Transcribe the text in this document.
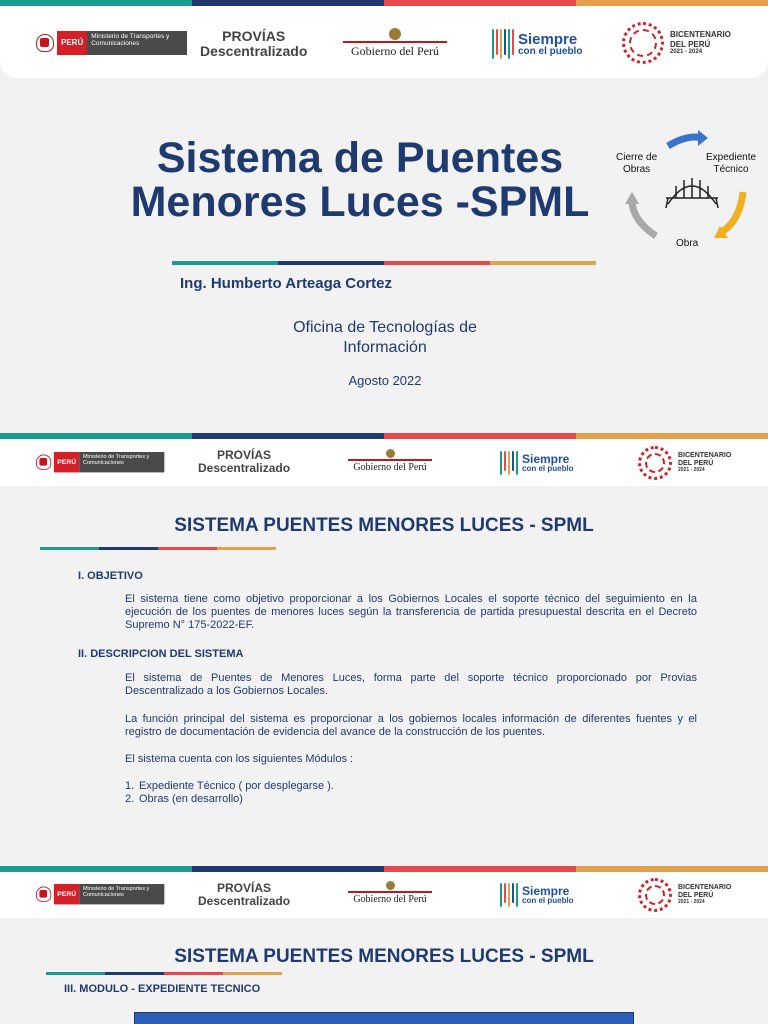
PERÚ
Ministerio de Transportes y Comunicaciones	PROVÍAS
Descentralizado	Gobierno del Perú
Siempre
con el pueblo
BICENTENARIO
DEL PERÚ
2021 - 2024
Sistema de Puentes
Menores Luces -SPML
Ing. Humberto Arteaga Cortez
Oficina de Tecnologías de
Información
Agosto 2022
Cierre de
Obras
Expediente
Técnico
Obra
PERÚ
Ministerio de Transportes y Comunicaciones
PROVÍAS
Descentralizado	Gobierno del Perú
Siempre
con el pueblo
BICENTENARIO
DEL PERÚ
2021 - 2024
SISTEMA PUENTES MENORES LUCES - SPML
I. OBJETIVO
El sistema tiene como objetivo proporcionar a los Gobiernos Locales el soporte técnico del seguimiento en la ejecución de los puentes de menores luces según la transferencia de partida presupuestal descrita en el Decreto Supremo N° 175-2022-EF.
II. DESCRIPCION DEL SISTEMA
El sistema de Puentes de Menores Luces, forma parte del soporte técnico proporcionado por Provias Descentralizado a los Gobiernos Locales.
La función principal del sistema es proporcionar a los gobiernos locales información de diferentes fuentes y el registro de documentación de evidencia del avance de la construcción de los puentes.
El sistema cuenta con los siguientes Módulos :
1. Expediente Técnico ( por desplegarse ).
2. Obras (en desarrollo)
PERÚ
Ministerio de Transportes y Comunicaciones	PROVÍAS
Descentralizado	Gobierno del Perú
Siempre
con el pueblo
BICENTENARIO
DEL PERÚ
2021 - 2024
SISTEMA PUENTES MENORES LUCES - SPML
III. MODULO - EXPEDIENTE TECNICO
